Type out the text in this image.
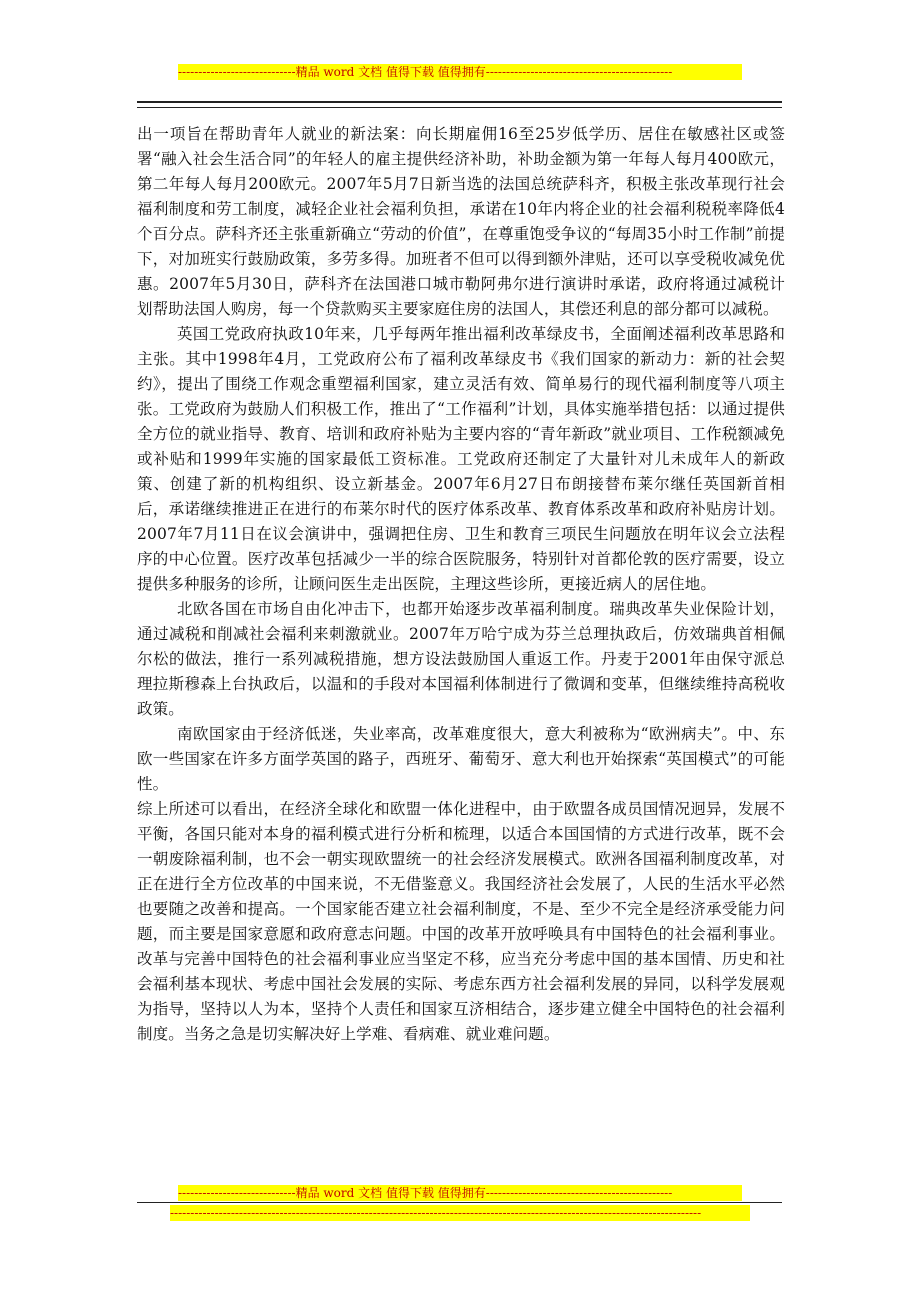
-----------------------------精品 word 文档 值得下载 值得拥有----------------------------------------------

出一项旨在帮助青年人就业的新法案：向长期雇佣16至25岁低学历、居住在敏感社区或签署“融入社会生活合同”的年轻人的雇主提供经济补助，补助金额为第一年每人每月400欧元，第二年每人每月200欧元。2007年5月7日新当选的法国总统萨科齐，积极主张改革现行社会福利制度和劳工制度，减轻企业社会福利负担，承诺在10年内将企业的社会福利税税率降低4个百分点。萨科齐还主张重新确立“劳动的价值”，在尊重饱受争议的“每周35小时工作制”前提下，对加班实行鼓励政策，多劳多得。加班者不但可以得到额外津贴，还可以享受税收减免优惠。2007年5月30日，萨科齐在法国港口城市勒阿弗尔进行演讲时承诺，政府将通过减税计划帮助法国人购房，每一个贷款购买主要家庭住房的法国人，其偿还利息的部分都可以减税。

英国工党政府执政10年来，几乎每两年推出福利改革绿皮书，全面阐述福利改革思路和主张。其中1998年4月，工党政府公布了福利改革绿皮书《我们国家的新动力：新的社会契约》，提出了围绕工作观念重塑福利国家，建立灵活有效、简单易行的现代福利制度等八项主张。工党政府为鼓励人们积极工作，推出了“工作福利”计划，具体实施举措包括：以通过提供全方位的就业指导、教育、培训和政府补贴为主要内容的“青年新政”就业项目、工作税额减免或补贴和1999年实施的国家最低工资标准。工党政府还制定了大量针对儿未成年人的新政策、创建了新的机构组织、设立新基金。2007年6月27日布朗接替布莱尔继任英国新首相后，承诺继续推进正在进行的布莱尔时代的医疗体系改革、教育体系改革和政府补贴房计划。2007年7月11日在议会演讲中，强调把住房、卫生和教育三项民生问题放在明年议会立法程序的中心位置。医疗改革包括减少一半的综合医院服务，特别针对首都伦敦的医疗需要，设立提供多种服务的诊所，让顾问医生走出医院，主理这些诊所，更接近病人的居住地。

北欧各国在市场自由化冲击下，也都开始逐步改革福利制度。瑞典改革失业保险计划，通过减税和削减社会福利来刺激就业。2007年万哈宁成为芬兰总理执政后，仿效瑞典首相佩尔松的做法，推行一系列减税措施，想方设法鼓励国人重返工作。丹麦于2001年由保守派总理拉斯穆森上台执政后，以温和的手段对本国福利体制进行了微调和变革，但继续维持高税收政策。

南欧国家由于经济低迷，失业率高，改革难度很大，意大利被称为“欧洲病夫”。中、东欧一些国家在许多方面学英国的路子，西班牙、葡萄牙、意大利也开始探索“英国模式”的可能性。

综上所述可以看出，在经济全球化和欧盟一体化进程中，由于欧盟各成员国情况迥异，发展不平衡，各国只能对本身的福利模式进行分析和梳理，以适合本国国情的方式进行改革，既不会一朝废除福利制，也不会一朝实现欧盟统一的社会经济发展模式。欧洲各国福利制度改革，对正在进行全方位改革的中国来说，不无借鉴意义。我国经济社会发展了，人民的生活水平必然也要随之改善和提高。一个国家能否建立社会福利制度，不是、至少不完全是经济承受能力问题，而主要是国家意愿和政府意志问题。中国的改革开放呼唤具有中国特色的社会福利事业。改革与完善中国特色的社会福利事业应当坚定不移，应当充分考虑中国的基本国情、历史和社会福利基本现状、考虑中国社会发展的实际、考虑东西方社会福利发展的异同，以科学发展观为指导，坚持以人为本，坚持个人责任和国家互济相结合，逐步建立健全中国特色的社会福利制度。当务之急是切实解决好上学难、看病难、就业难问题。

-----------------------------精品 word 文档 值得下载 值得拥有----------------------------------------------
-----------------------------------------------------------------------------------------------------------------------------------
